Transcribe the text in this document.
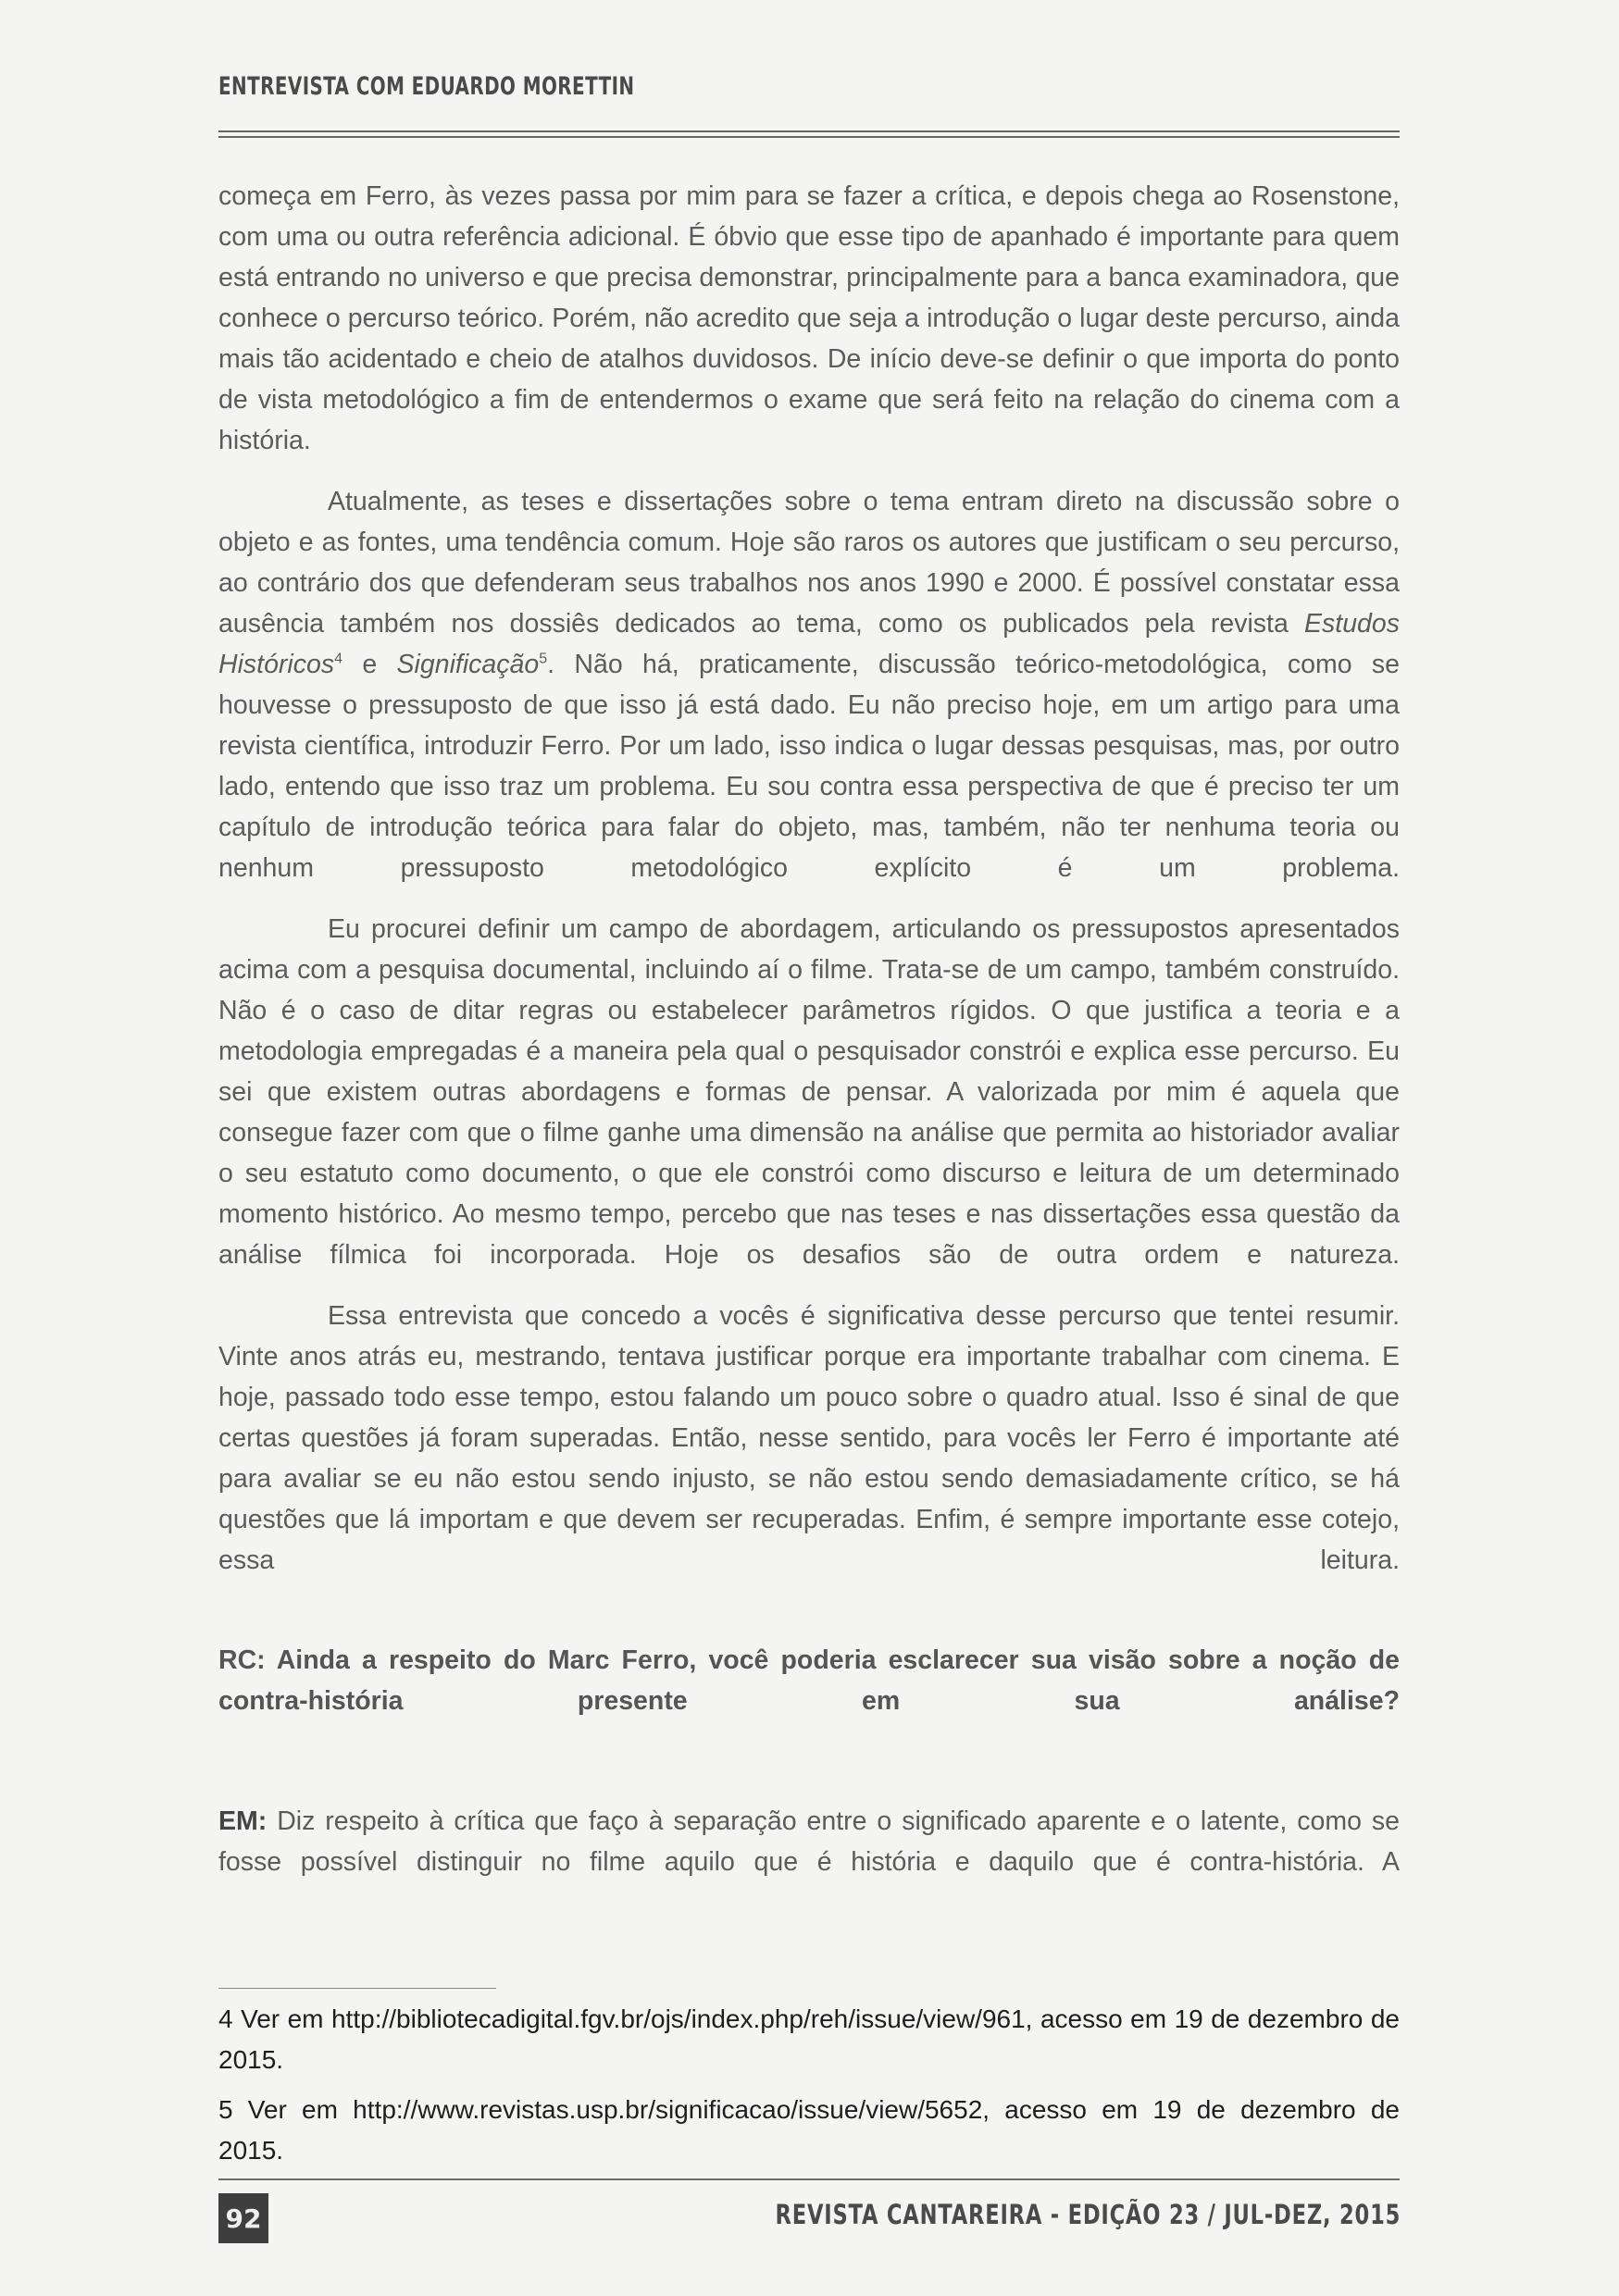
ENTREVISTA COM EDUARDO MORETTIN

começa em Ferro, às vezes passa por mim para se fazer a crítica, e depois chega ao Rosenstone, com uma ou outra referência adicional. É óbvio que esse tipo de apanhado é importante para quem está entrando no universo e que precisa demonstrar, principalmente para a banca examinadora, que conhece o percurso teórico. Porém, não acredito que seja a introdução o lugar deste percurso, ainda mais tão acidentado e cheio de atalhos duvidosos. De início deve-se definir o que importa do ponto de vista metodológico a fim de entendermos o exame que será feito na relação do cinema com a história.

Atualmente, as teses e dissertações sobre o tema entram direto na discussão sobre o objeto e as fontes, uma tendência comum. Hoje são raros os autores que justificam o seu percurso, ao contrário dos que defenderam seus trabalhos nos anos 1990 e 2000. É possível constatar essa ausência também nos dossiês dedicados ao tema, como os publicados pela revista Estudos Históricos$^4$ e Significação$^5$. Não há, praticamente, discussão teórico-metodológica, como se houvesse o pressuposto de que isso já está dado. Eu não preciso hoje, em um artigo para uma revista científica, introduzir Ferro. Por um lado, isso indica o lugar dessas pesquisas, mas, por outro lado, entendo que isso traz um problema. Eu sou contra essa perspectiva de que é preciso ter um capítulo de introdução teórica para falar do objeto, mas, também, não ter nenhuma teoria ou nenhum pressuposto metodológico explícito é um problema.

Eu procurei definir um campo de abordagem, articulando os pressupostos apresentados acima com a pesquisa documental, incluindo aí o filme. Trata-se de um campo, também construído. Não é o caso de ditar regras ou estabelecer parâmetros rígidos. O que justifica a teoria e a metodologia empregadas é a maneira pela qual o pesquisador constrói e explica esse percurso. Eu sei que existem outras abordagens e formas de pensar. A valorizada por mim é aquela que consegue fazer com que o filme ganhe uma dimensão na análise que permita ao historiador avaliar o seu estatuto como documento, o que ele constrói como discurso e leitura de um determinado momento histórico. Ao mesmo tempo, percebo que nas teses e nas dissertações essa questão da análise fílmica foi incorporada. Hoje os desafios são de outra ordem e natureza.

Essa entrevista que concedo a vocês é significativa desse percurso que tentei resumir. Vinte anos atrás eu, mestrando, tentava justificar porque era importante trabalhar com cinema. E hoje, passado todo esse tempo, estou falando um pouco sobre o quadro atual. Isso é sinal de que certas questões já foram superadas. Então, nesse sentido, para vocês ler Ferro é importante até para avaliar se eu não estou sendo injusto, se não estou sendo demasiadamente crítico, se há questões que lá importam e que devem ser recuperadas. Enfim, é sempre importante esse cotejo, essa leitura.

RC: Ainda a respeito do Marc Ferro, você poderia esclarecer sua visão sobre a noção de contra-história presente em sua análise?

EM: Diz respeito à crítica que faço à separação entre o significado aparente e o latente, como se fosse possível distinguir no filme aquilo que é história e daquilo que é contra-história. A

4 Ver em http://bibliotecadigital.fgv.br/ojs/index.php/reh/issue/view/961, acesso em 19 de dezembro de 2015.

5 Ver em http://www.revistas.usp.br/significacao/issue/view/5652, acesso em 19 de dezembro de 2015.

92	REVISTA CANTAREIRA - EDIÇÃO 23 / JUL-DEZ, 2015
